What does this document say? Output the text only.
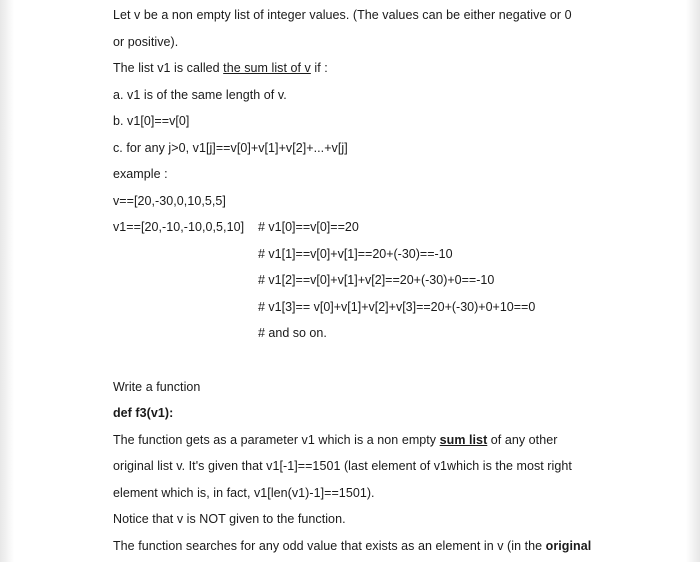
Let v be a non empty list of integer values. (The values can be either negative or 0
or positive).
The list v1 is called the sum list of v if :
a. v1 is of the same length of v.
b. v1[0]==v[0]
c. for any j>0, v1[j]==v[0]+v[1]+v[2]+...+v[j]
example :
v==[20,-30,0,10,5,5]
v1==[20,-10,-10,0,5,10] # v1[0]==v[0]==20
# v1[1]==v[0]+v[1]==20+(-30)==-10
# v1[2]==v[0]+v[1]+v[2]==20+(-30)+0==-10
# v1[3]== v[0]+v[1]+v[2]+v[3]==20+(-30)+0+10==0
# and so on.
Write a function
def f3(v1):
The function gets as a parameter v1 which is a non empty sum list of any other
original list v. It's given that v1[-1]==1501 (last element of v1which is the most right
element which is, in fact, v1[len(v1)-1]==1501).
Notice that v is NOT given to the function.
The function searches for any odd value that exists as an element in v (in the original
